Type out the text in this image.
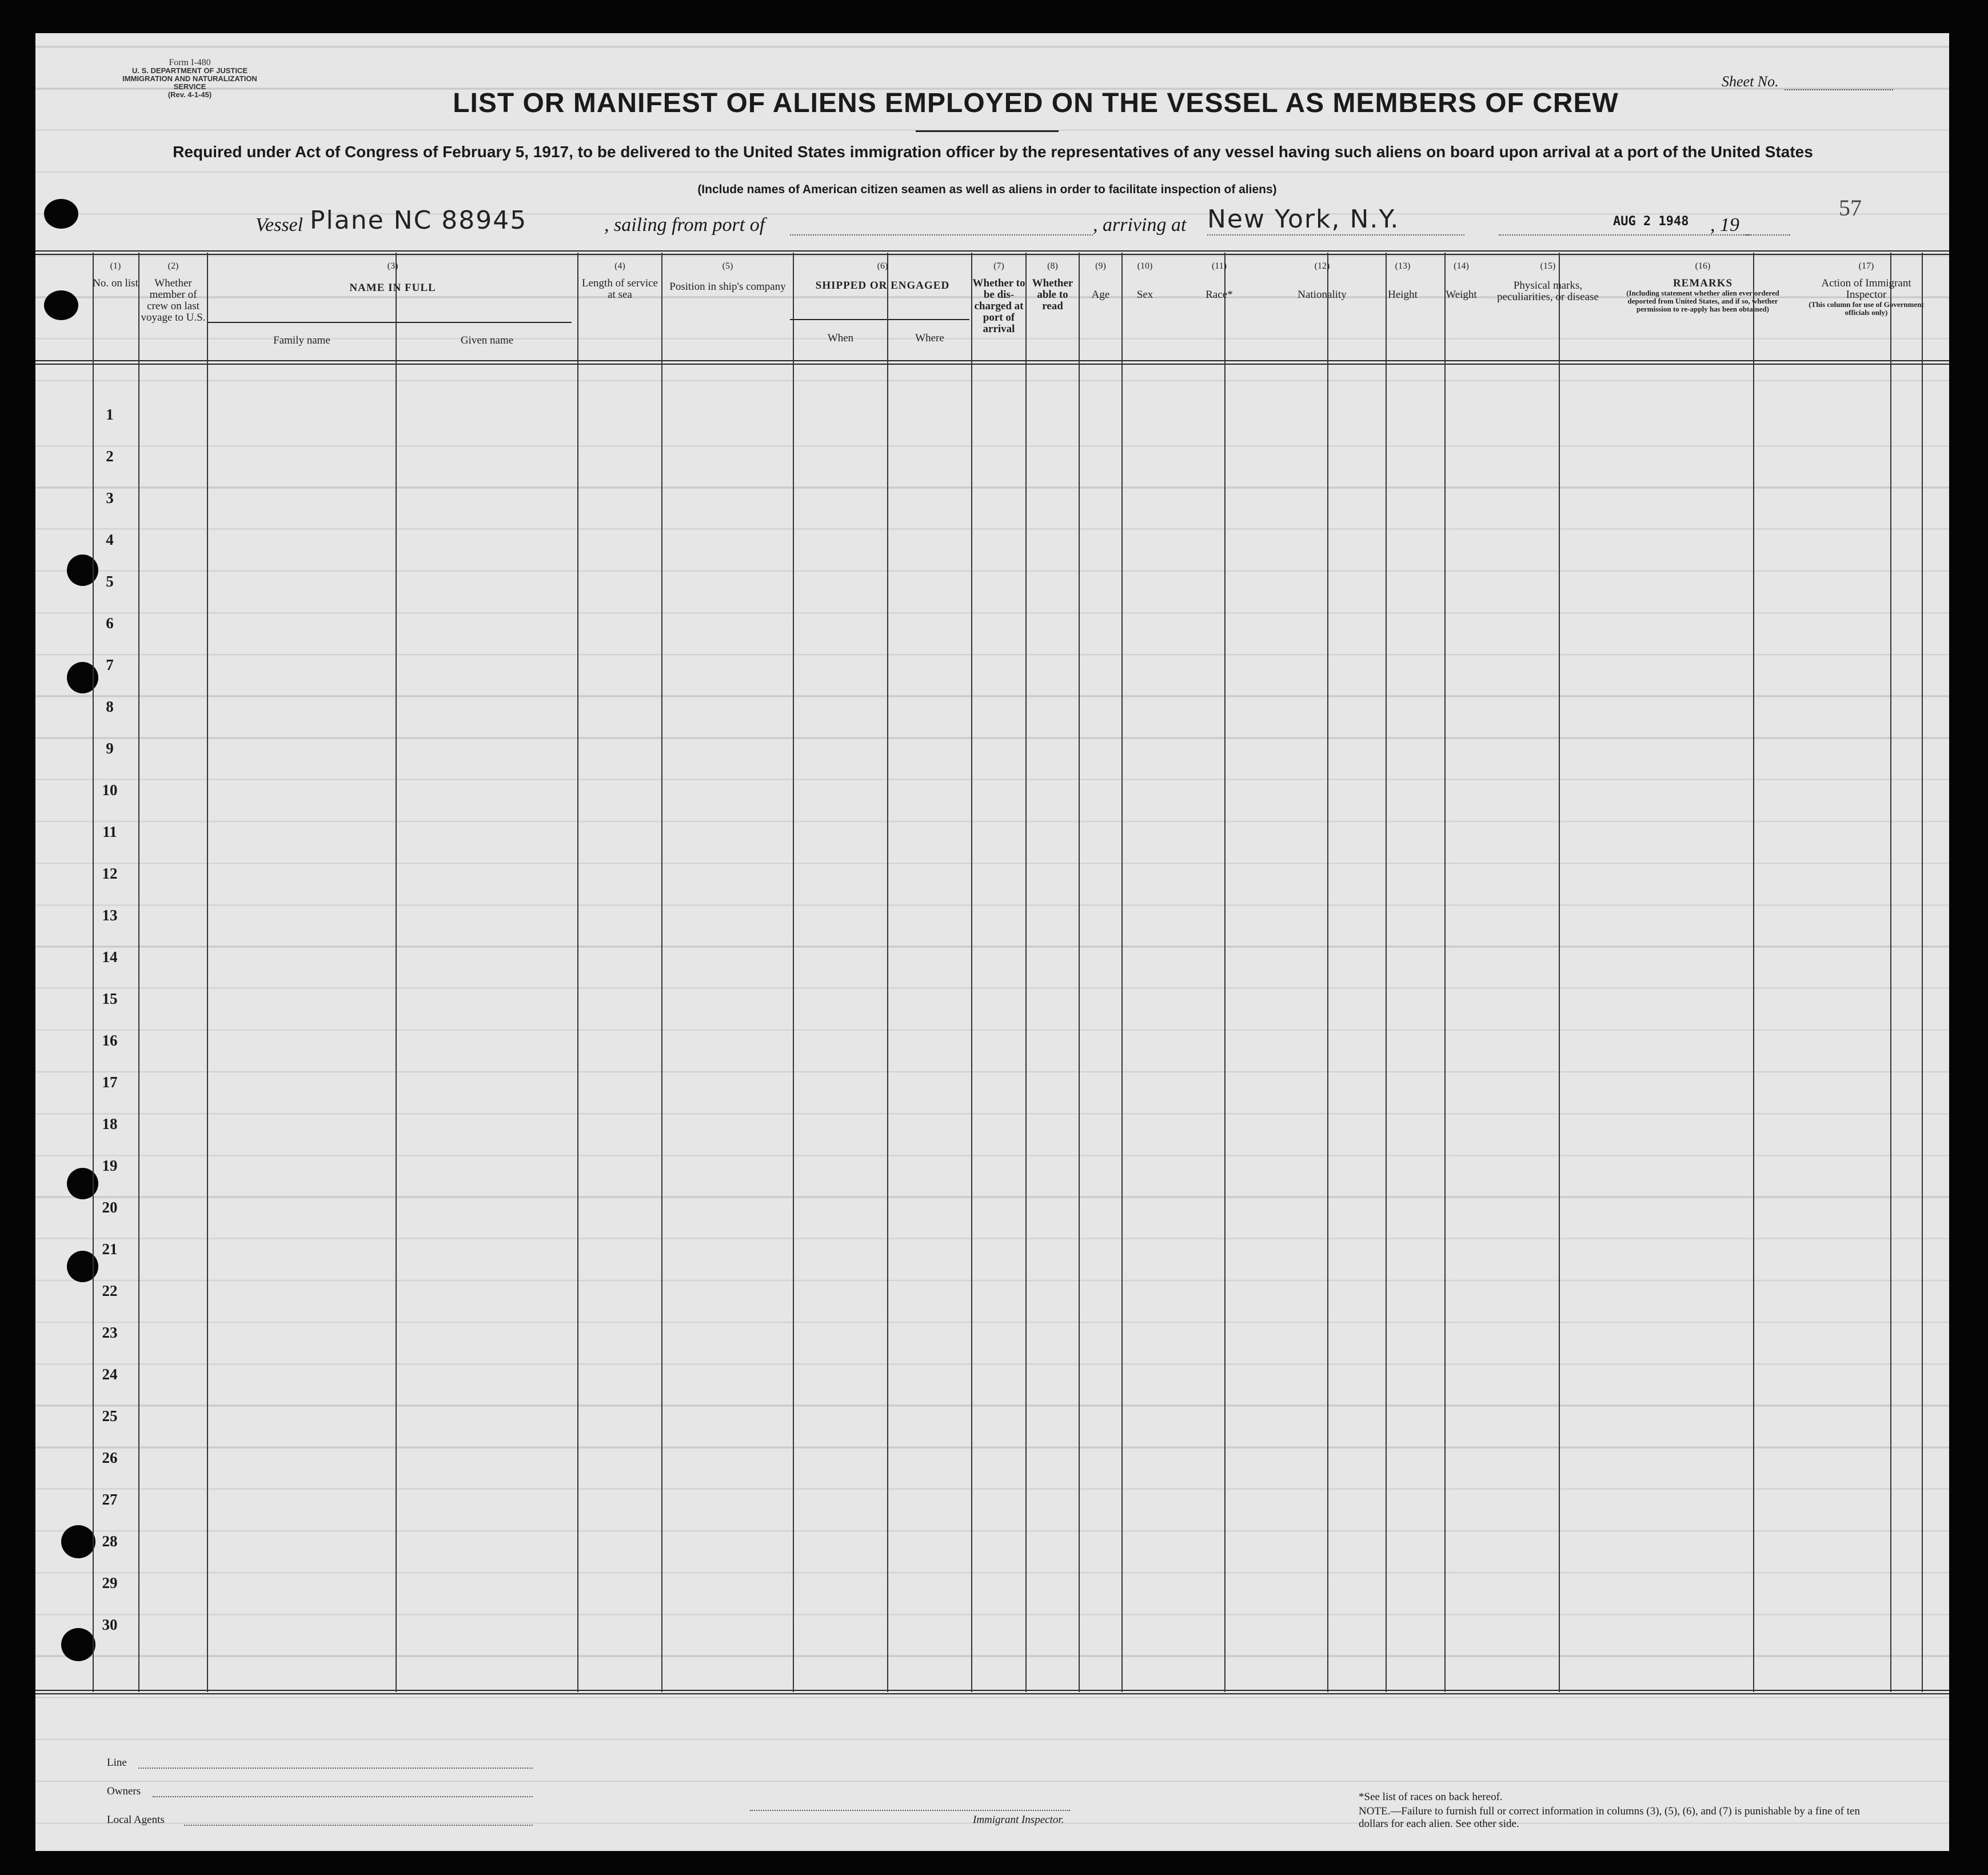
Form I-480
U. S. DEPARTMENT OF JUSTICE
IMMIGRATION AND NATURALIZATION SERVICE
(Rev. 4-1-45)
Sheet No.
LIST OR MANIFEST OF ALIENS EMPLOYED ON THE VESSEL AS MEMBERS OF CREW
Required under Act of Congress of February 5, 1917, to be delivered to the United States immigration officer by the representatives of any vessel having such aliens on board upon arrival at a port of the United States
(Include names of American citizen seamen as well as aliens in order to facilitate inspection of aliens)
Vessel Plane NC 88945	, sailing from port of	, arriving at New York, N.Y.	AUG 2 1948 , 19
57
(1)
No. on list
(2)
Whether member of crew on last voyage to U.S.
(3)
NAME IN FULL
Family name	Given name
(4)
Length of service at sea
(5)
Position in ship's company
(6)
SHIPPED OR ENGAGED
When	Where
(7)
Whether to be dis-charged at port of arrival
(8)
Whether able to read
(9)
Age
(10)
Sex
(11)
Race*
(12)
Nationality
(13)
Height
(14)
Weight
(15)
Physical marks, peculiarities, or disease
(16)
REMARKS
(Including statement whether alien ever ordered deported from United States, and if so, whether permission to re-apply has been obtained)
(17)
Action of Immigrant Inspector
(This column for use of Government officials only)
1
2
3
4
5
6
7
8
9
10
11
12
13
14
15
16
17
18
19
20
21
22
23
24
25
26
27
28
29
30
Line
Owners
Local Agents	Immigrant Inspector.
*See list of races on back hereof.
NOTE.—Failure to furnish full or correct information in columns (3), (5), (6), and (7) is punishable by a fine of ten dollars for each alien. See other side.
